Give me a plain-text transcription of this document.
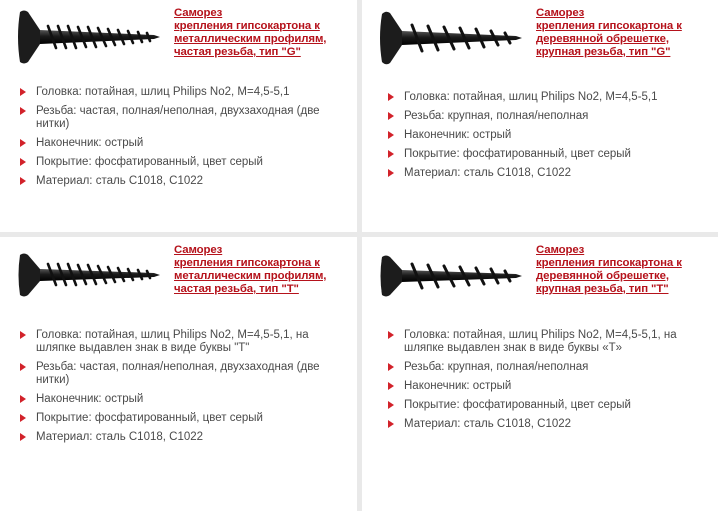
Саморез
крепления гипсокартона к
металлическим профилям,
частая резьба, тип "G"
Головка: потайная, шлиц Philips No2, M=4,5-5,1
Резьба: частая, полная/неполная, двухзаходная (две нитки)
Наконечник: острый
Покрытие: фосфатированный, цвет серый
Материал: сталь С1018, С1022
Саморез
крепления гипсокартона к
деревянной обрешетке,
крупная резьба, тип "G"
Головка: потайная, шлиц Philips No2, M=4,5-5,1
Резьба: крупная, полная/неполная
Наконечник: острый
Покрытие: фосфатированный, цвет серый
Материал: сталь С1018, С1022
Саморез
крепления гипсокартона к
металлическим профилям,
частая резьба, тип "T"
Головка: потайная, шлиц Philips No2, M=4,5-5,1, на шляпке выдавлен знак в виде буквы "T"
Резьба: частая, полная/неполная, двухзаходная (две нитки)
Наконечник: острый
Покрытие: фосфатированный, цвет серый
Материал: сталь С1018, С1022
Саморез
крепления гипсокартона к
деревянной обрешетке,
крупная резьба, тип "T"
Головка: потайная, шлиц Philips No2, M=4,5-5,1, на шляпке выдавлен знак в виде буквы «T»
Резьба: крупная, полная/неполная
Наконечник: острый
Покрытие: фосфатированный, цвет серый
Материал: сталь С1018, С1022
